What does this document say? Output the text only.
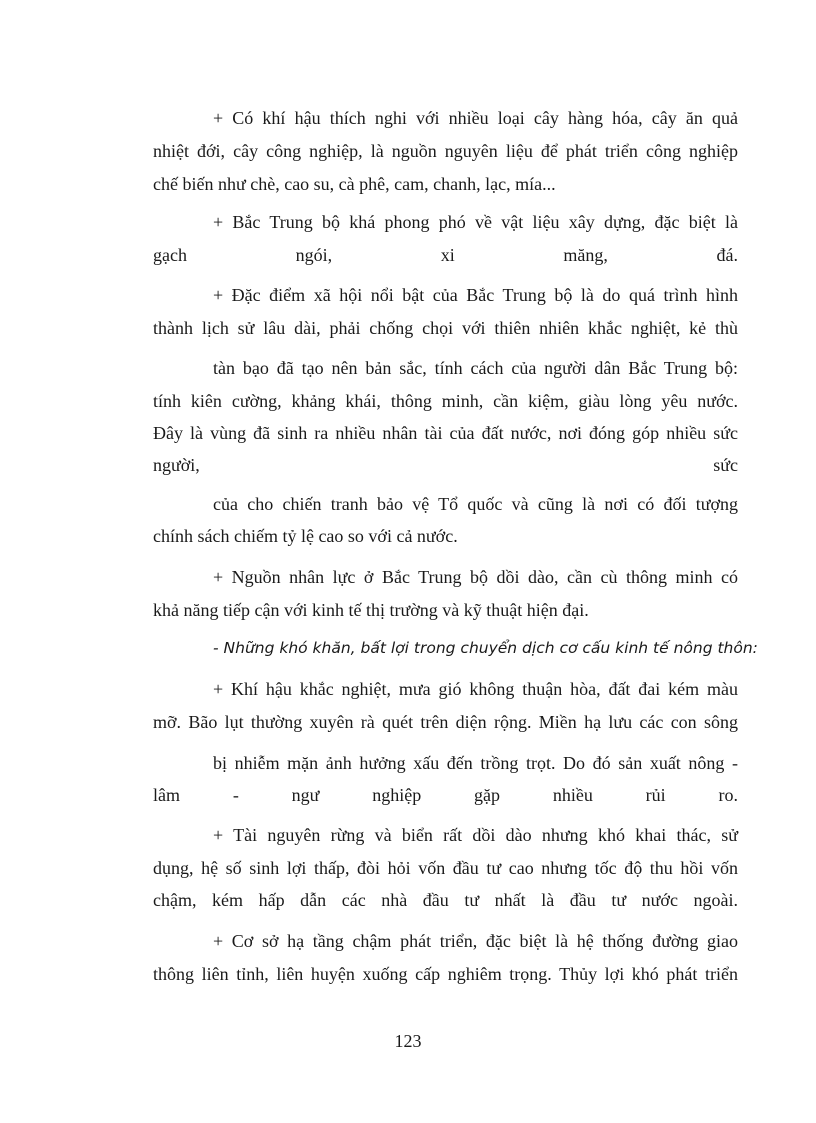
+ Có khí hậu thích nghi với nhiều loại cây hàng hóa, cây ăn quả
nhiệt đới, cây công nghiệp, là nguồn nguyên liệu để phát triển công nghiệp
chế biến như chè, cao su, cà phê, cam, chanh, lạc, mía...
+ Bắc Trung bộ khá phong phó về vật liệu xây dựng, đặc biệt là
gạch ngói, xi măng, đá.
+ Đặc điểm xã hội nổi bật của Bắc Trung bộ là do quá trình hình
thành lịch sử lâu dài, phải chống chọi với thiên nhiên khắc nghiệt, kẻ thù
tàn bạo đã tạo nên bản sắc, tính cách của người dân Bắc Trung bộ:
tính kiên cường, khảng khái, thông minh, cần kiệm, giàu lòng yêu nước.
Đây là vùng đã sinh ra nhiều nhân tài của đất nước, nơi đóng góp nhiều sức
người, sức
của cho chiến tranh bảo vệ Tổ quốc và cũng là nơi có đối tượng
chính sách chiếm tỷ lệ cao so với cả nước.
+ Nguồn nhân lực ở Bắc Trung bộ dồi dào, cần cù thông minh có
khả năng tiếp cận với kinh tế thị trường và kỹ thuật hiện đại.
- Những khó khăn, bất lợi trong chuyển dịch cơ cấu kinh tế nông thôn:
+ Khí hậu khắc nghiệt, mưa gió không thuận hòa, đất đai kém màu
mỡ. Bão lụt thường xuyên rà quét trên diện rộng. Miền hạ lưu các con sông
bị nhiễm mặn ảnh hưởng xấu đến trồng trọt. Do đó sản xuất nông -
lâm - ngư nghiệp gặp nhiều rủi ro.
+ Tài nguyên rừng và biển rất dồi dào nhưng khó khai thác, sử
dụng, hệ số sinh lợi thấp, đòi hỏi vốn đầu tư cao nhưng tốc độ thu hồi vốn
chậm, kém hấp dẫn các nhà đầu tư nhất là đầu tư nước ngoài.
+ Cơ sở hạ tầng chậm phát triển, đặc biệt là hệ thống đường giao
thông liên tỉnh, liên huyện xuống cấp nghiêm trọng. Thủy lợi khó phát triển
123
